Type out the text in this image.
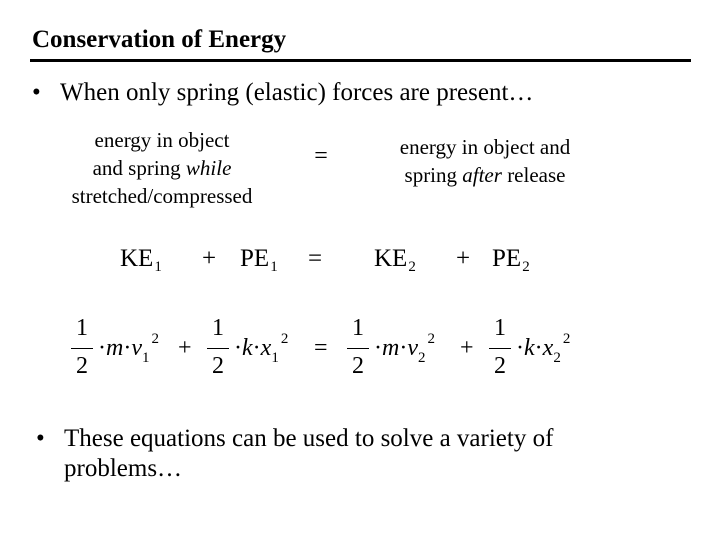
Conservation of Energy
• When only spring (elastic) forces are present…
energy in object
and spring while
stretched/compressed
=	energy in object and
spring after release
$KE_1 + PE_1 = KE_2 + PE_2$
1
2
$\cdot m\cdot v_1^2$ +
1
2
$\cdot k\cdot x_1^2$ =
1
2
$\cdot m\cdot v_2^2$ +
1
2
$\cdot k\cdot x_2^2$
• These equations can be used to solve a variety of
problems…
